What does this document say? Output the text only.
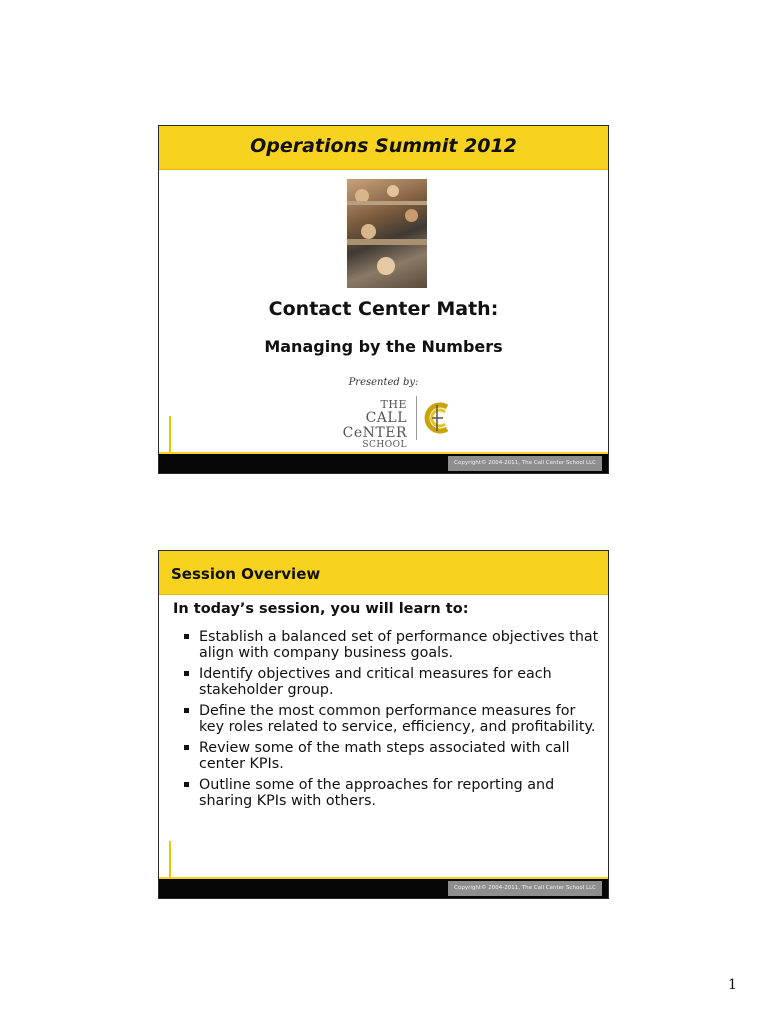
Operations Summit 2012
Contact Center Math:
Managing by the Numbers
Presented by:
THE CALL
CeNTER
SCHOOL
Copyright© 2004-2011, The Call Center School LLC
Session Overview
In today’s session, you will learn to:
Establish a balanced set of performance objectives that align with company business goals.
Identify objectives and critical measures for each stakeholder group.
Define the most common performance measures for key roles related to service, efficiency, and profitability.
Review some of the math steps associated with call center KPIs.
Outline some of the approaches for reporting and sharing KPIs with others.
Copyright© 2004-2011, The Call Center School LLC
1
